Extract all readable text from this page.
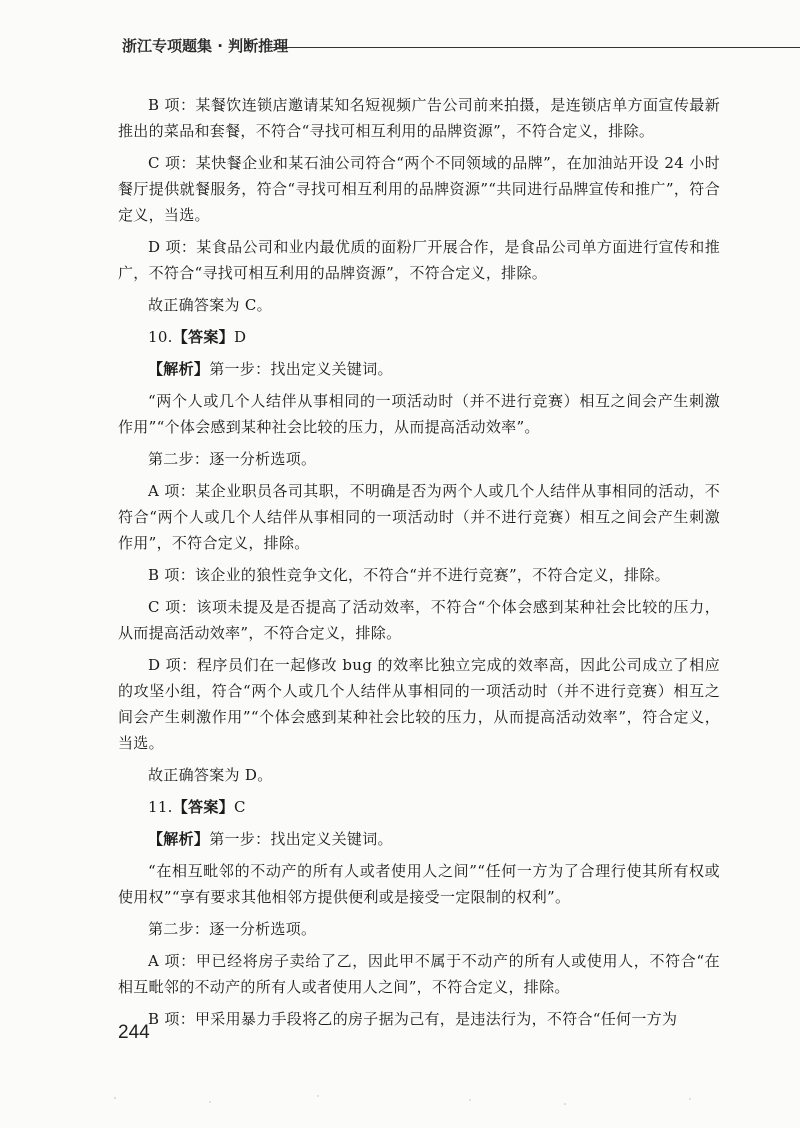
浙江专项题集 · 判断推理

B 项：某餐饮连锁店邀请某知名短视频广告公司前来拍摄，是连锁店单方面宣传最新推出的菜品和套餐，不符合“寻找可相互利用的品牌资源”，不符合定义，排除。

C 项：某快餐企业和某石油公司符合“两个不同领域的品牌”，在加油站开设 24 小时餐厅提供就餐服务，符合“寻找可相互利用的品牌资源”“共同进行品牌宣传和推广”，符合定义，当选。

D 项：某食品公司和业内最优质的面粉厂开展合作，是食品公司单方面进行宣传和推广，不符合“寻找可相互利用的品牌资源”，不符合定义，排除。

故正确答案为 C。

10.【答案】D

【解析】第一步：找出定义关键词。

“两个人或几个人结伴从事相同的一项活动时（并不进行竞赛）相互之间会产生刺激作用”“个体会感到某种社会比较的压力，从而提高活动效率”。

第二步：逐一分析选项。

A 项：某企业职员各司其职，不明确是否为两个人或几个人结伴从事相同的活动，不符合“两个人或几个人结伴从事相同的一项活动时（并不进行竞赛）相互之间会产生刺激作用”，不符合定义，排除。

B 项：该企业的狼性竞争文化，不符合“并不进行竞赛”，不符合定义，排除。

C 项：该项未提及是否提高了活动效率，不符合“个体会感到某种社会比较的压力，从而提高活动效率”，不符合定义，排除。

D 项：程序员们在一起修改 bug 的效率比独立完成的效率高，因此公司成立了相应的攻坚小组，符合“两个人或几个人结伴从事相同的一项活动时（并不进行竞赛）相互之间会产生刺激作用”“个体会感到某种社会比较的压力，从而提高活动效率”，符合定义，当选。

故正确答案为 D。

11.【答案】C

【解析】第一步：找出定义关键词。

“在相互毗邻的不动产的所有人或者使用人之间”“任何一方为了合理行使其所有权或使用权”“享有要求其他相邻方提供便利或是接受一定限制的权利”。

第二步：逐一分析选项。

A 项：甲已经将房子卖给了乙，因此甲不属于不动产的所有人或使用人，不符合“在相互毗邻的不动产的所有人或者使用人之间”，不符合定义，排除。

B 项：甲采用暴力手段将乙的房子据为己有，是违法行为，不符合“任何一方为

244
